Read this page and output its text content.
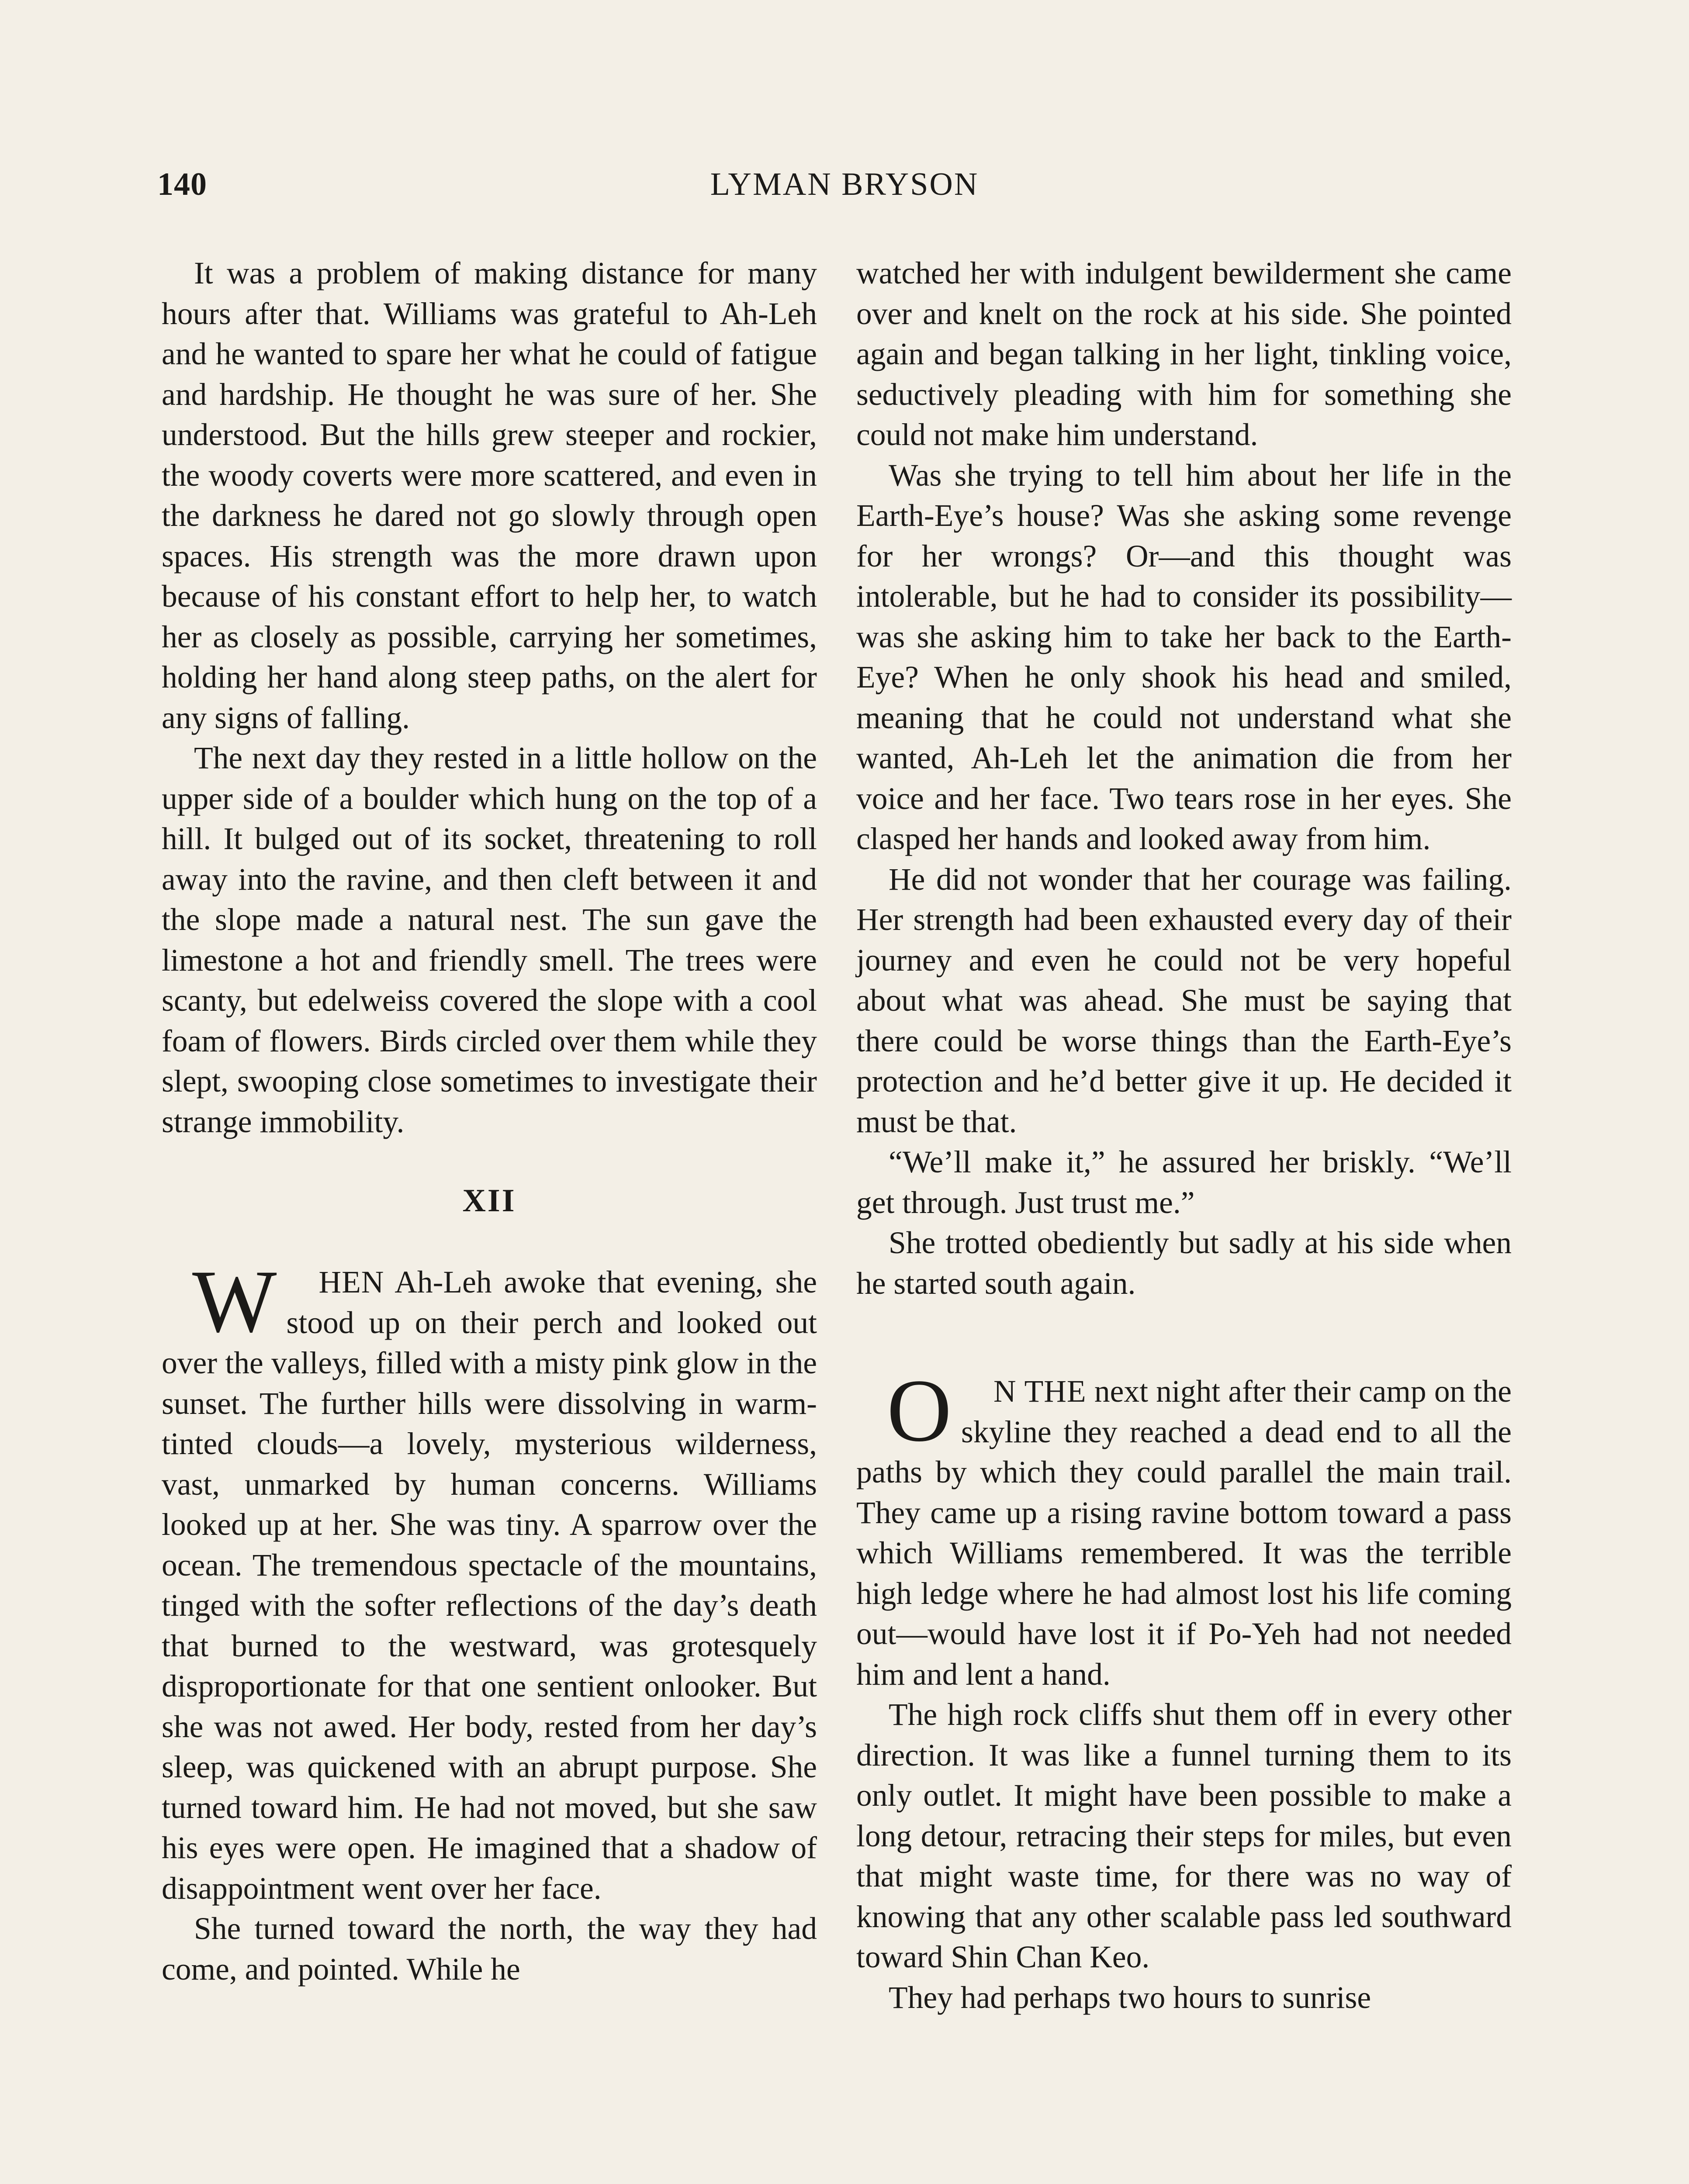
140	LYMAN BRYSON

It was a problem of making distance for many hours after that. Williams was grateful to Ah-Leh and he wanted to spare her what he could of fatigue and hardship. He thought he was sure of her. She understood. But the hills grew steeper and rockier, the woody coverts were more scattered, and even in the darkness he dared not go slowly through open spaces. His strength was the more drawn upon because of his constant effort to help her, to watch her as closely as possible, carrying her sometimes, holding her hand along steep paths, on the alert for any signs of falling.

The next day they rested in a little hollow on the upper side of a boulder which hung on the top of a hill. It bulged out of its socket, threatening to roll away into the ravine, and then cleft between it and the slope made a natural nest. The sun gave the limestone a hot and friendly smell. The trees were scanty, but edelweiss covered the slope with a cool foam of flowers. Birds circled over them while they slept, swooping close sometimes to investigate their strange immobility.

XII

W HEN Ah-Leh awoke that evening, she stood up on their perch and looked out over the valleys, filled with a misty pink glow in the sunset. The further hills were dissolving in warm-tinted clouds—a lovely, mysterious wilderness, vast, unmarked by human concerns. Williams looked up at her. She was tiny. A sparrow over the ocean. The tremendous spectacle of the mountains, tinged with the softer reflections of the day’s death that burned to the westward, was grotesquely disproportionate for that one sentient onlooker. But she was not awed. Her body, rested from her day’s sleep, was quickened with an abrupt purpose. She turned toward him. He had not moved, but she saw his eyes were open. He imagined that a shadow of disappointment went over her face.

She turned toward the north, the way they had come, and pointed. While he

watched her with indulgent bewilderment she came over and knelt on the rock at his side. She pointed again and began talking in her light, tinkling voice, seductively pleading with him for something she could not make him understand.

Was she trying to tell him about her life in the Earth-Eye’s house? Was she asking some revenge for her wrongs? Or—and this thought was intolerable, but he had to consider its possibility—was she asking him to take her back to the Earth-Eye? When he only shook his head and smiled, meaning that he could not understand what she wanted, Ah-Leh let the animation die from her voice and her face. Two tears rose in her eyes. She clasped her hands and looked away from him.

He did not wonder that her courage was failing. Her strength had been exhausted every day of their journey and even he could not be very hopeful about what was ahead. She must be saying that there could be worse things than the Earth-Eye’s protection and he’d better give it up. He decided it must be that.

“We’ll make it,” he assured her briskly. “We’ll get through. Just trust me.”

She trotted obediently but sadly at his side when he started south again.

O N THE next night after their camp on the skyline they reached a dead end to all the paths by which they could parallel the main trail. They came up a rising ravine bottom toward a pass which Williams remembered. It was the terrible high ledge where he had almost lost his life coming out—would have lost it if Po-Yeh had not needed him and lent a hand.

The high rock cliffs shut them off in every other direction. It was like a funnel turning them to its only outlet. It might have been possible to make a long detour, retracing their steps for miles, but even that might waste time, for there was no way of knowing that any other scalable pass led southward toward Shin Chan Keo.

They had perhaps two hours to sunrise
